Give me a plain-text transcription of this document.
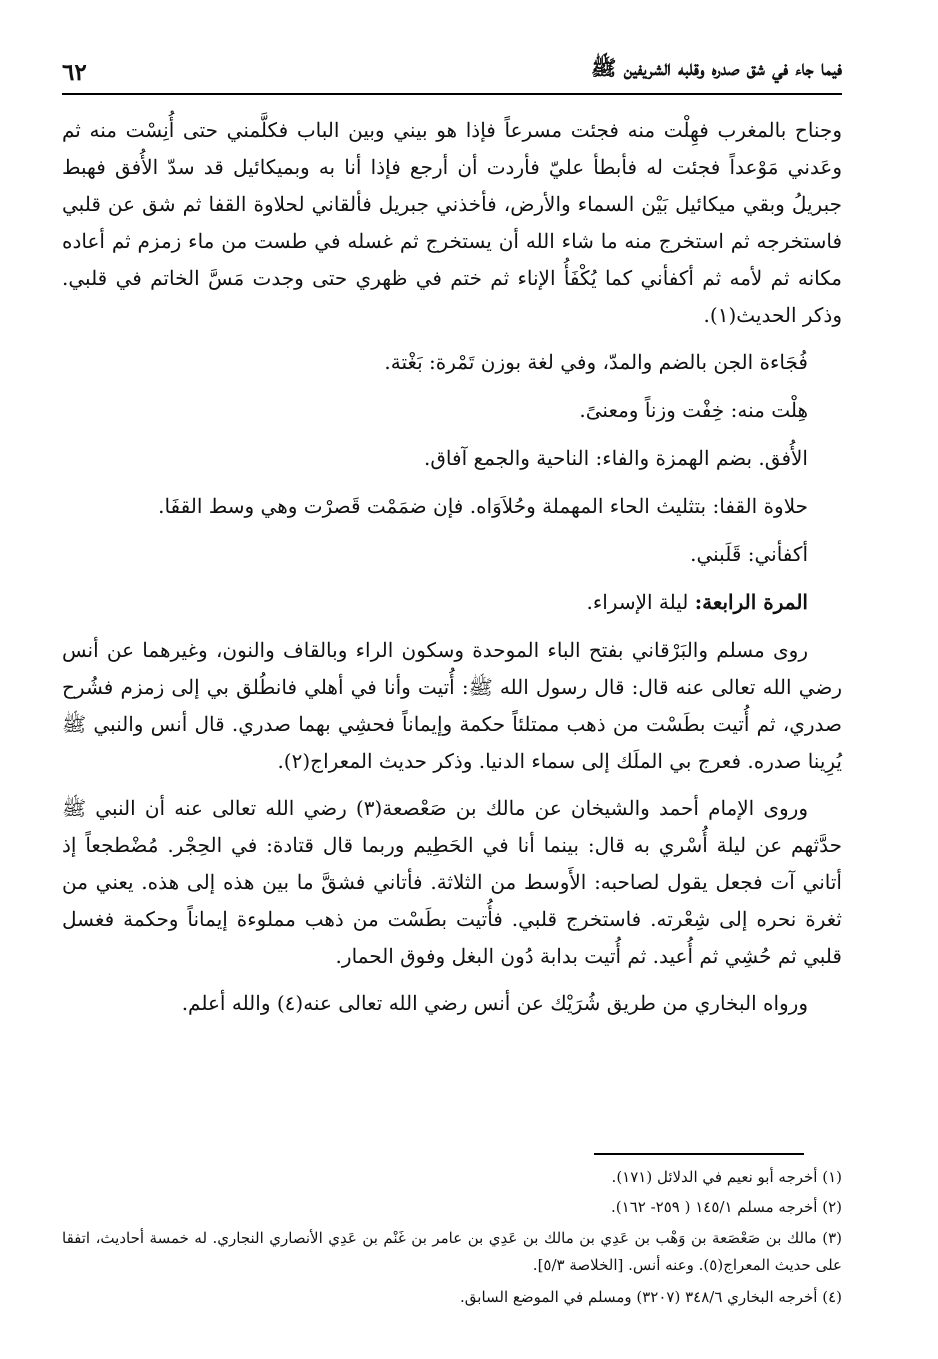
فيما جاء في شق صدره وقلبه الشريفين ﷺ
٦٢

وجناح بالمغرب فهِلْت منه فجئت مسرعاً فإذا هو بيني وبين الباب فكلَّمني حتى أُنِسْت منه ثم وعَدني مَوْعداً فجئت له فأبطأ عليّ فأردت أن أرجع فإذا أنا به وبميكائيل قد سدّ الأُفق فهبط جبريلُ وبقي ميكائيل بَيْن السماء والأرض، فأخذني جبريل فألقاني لحلاوة القفا ثم شق عن قلبي فاستخرجه ثم استخرج منه ما شاء الله أن يستخرج ثم غسله في طست من ماء زمزم ثم أعاده مكانه ثم لأمه ثم أكفأني كما يُكْفَأُ الإناء ثم ختم في ظهري حتى وجدت مَسَّ الخاتم في قلبي. وذكر الحديث(١).

فُجَاءة الجن بالضم والمدّ، وفي لغة بوزن تَمْرة: بَغْتة.

هِلْت منه: خِفْت وزناً ومعنىً.

الأُفق. بضم الهمزة والفاء: الناحية والجمع آفاق.

حلاوة القفا: بتثليث الحاء المهملة وحُلاَوَاه. فإن ضمَمْت قَصرْت وهي وسط القفَا.

أكفأني: قَلَبني.

المرة الرابعة: ليلة الإسراء.

روى مسلم والبَرْقاني بفتح الباء الموحدة وسكون الراء وبالقاف والنون، وغيرهما عن أنس رضي الله تعالى عنه قال: قال رسول الله ﷺ: أُتيت وأنا في أهلي فانطُلق بي إلى زمزم فشُرح صدري، ثم أُتيت بطَسْت من ذهب ممتلئاً حكمة وإيماناً فحشِي بهما صدري. قال أنس والنبي ﷺ يُرِينا صدره. فعرج بي الملَك إلى سماء الدنيا. وذكر حديث المعراج(٢).

وروى الإمام أحمد والشيخان عن مالك بن صَعْصعة(٣) رضي الله تعالى عنه أن النبي ﷺ حدَّثهم عن ليلة أُسْري به قال: بينما أنا في الحَطِيم وربما قال قتادة: في الحِجْر. مُضْطجعاً إذ أتاني آت فجعل يقول لصاحبه: الأَوسط من الثلاثة. فأتاني فشقَّ ما بين هذه إلى هذه. يعني من ثغرة نحره إلى شِعْرته. فاستخرج قلبي. فأُتيت بطَسْت من ذهب مملوءة إيماناً وحكمة فغسل قلبي ثم حُشِي ثم أُعيد. ثم أُتيت بدابة دُون البغل وفوق الحمار.

ورواه البخاري من طريق شُرَيْك عن أنس رضي الله تعالى عنه(٤) والله أعلم.

(١) أخرجه أبو نعيم في الدلائل (١٧١).

(٢) أخرجه مسلم ١٤٥/١ ( ٢٥٩- ١٦٢).

(٣) مالك بن صَعْصَعة بن وَهْب بن عَدِي بن مالك بن عَدِي بن عامر بن غَنْم بن عَدِي الأنصاري النجاري. له خمسة أحاديث، اتفقا على حديث المعراج(٥). وعنه أنس. [الخلاصة ٥/٣].

(٤) أخرجه البخاري ٣٤٨/٦ (٣٢٠٧) ومسلم في الموضع السابق.
